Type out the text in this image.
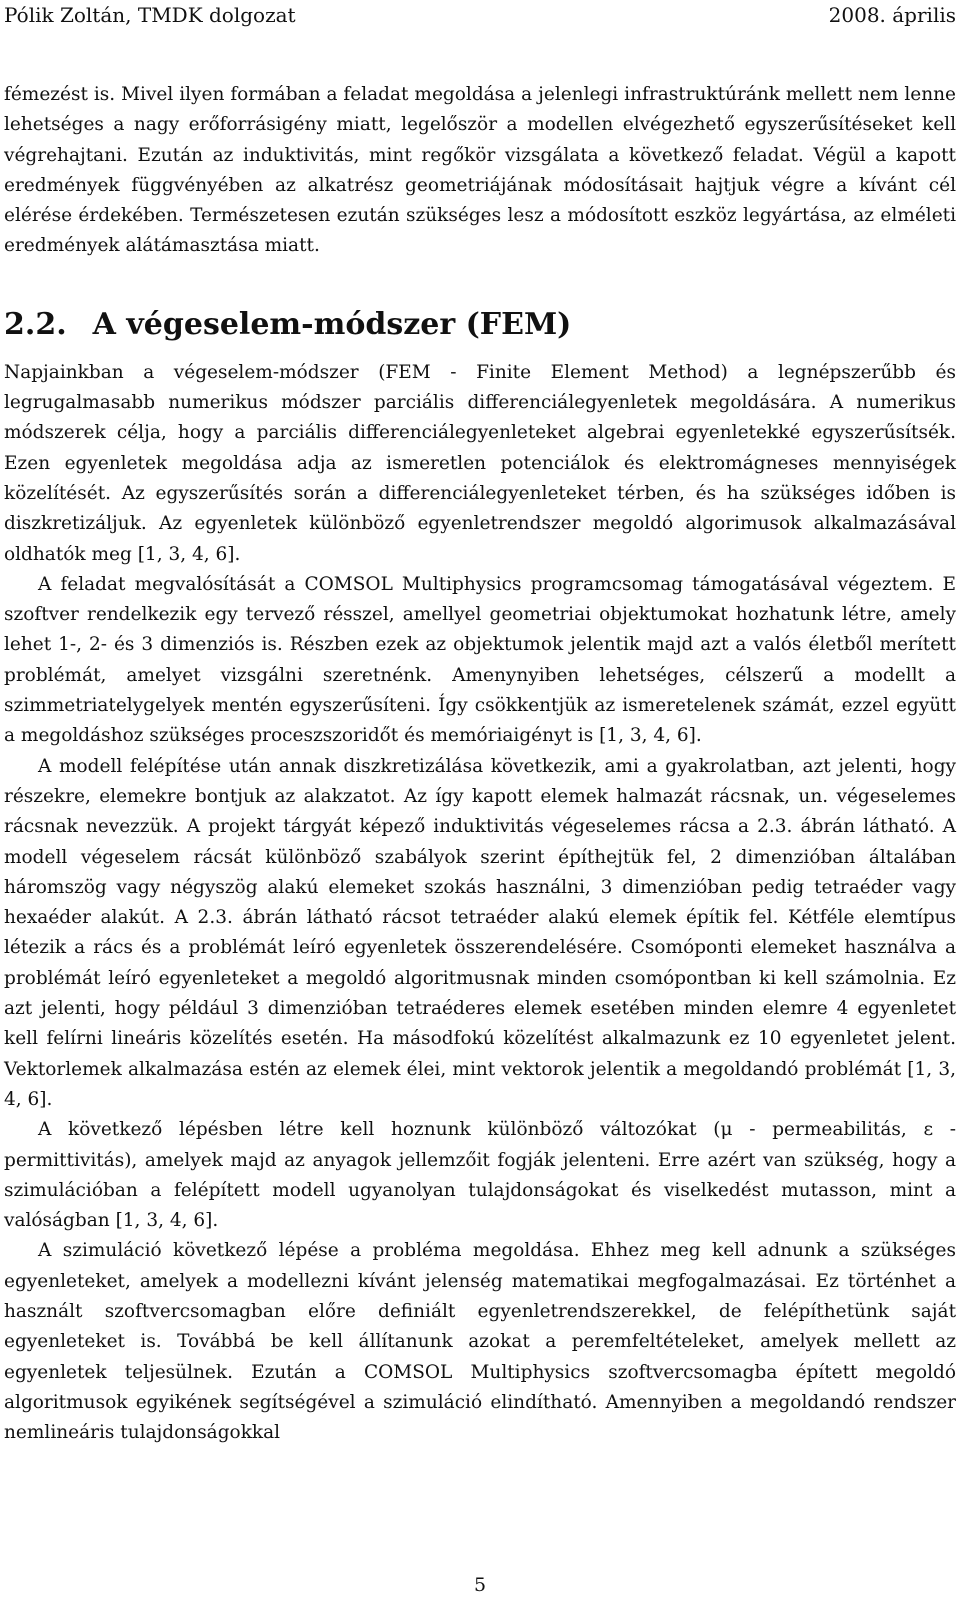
Pólik Zoltán, TMDK dolgozat	2008. április

fémezést is. Mivel ilyen formában a feladat megoldása a jelenlegi infrastruktúránk mellett nem lenne lehetséges a nagy erőforrásigény miatt, legelőször a modellen elvégezhető egyszerűsítéseket kell végrehajtani. Ezután az induktivitás, mint regőkör vizsgálata a következő feladat. Végül a kapott eredmények függvényében az alkatrész geometriájának módosításait hajtjuk végre a kívánt cél elérése érdekében. Természetesen ezután szükséges lesz a módosított eszköz legyártása, az elméleti eredmények alátámasztása miatt.

2.2. A végeselem-módszer (FEM)

Napjainkban a végeselem-módszer (FEM - Finite Element Method) a legnépszerűbb és legrugalmasabb numerikus módszer parciális differenciálegyenletek megoldására. A numerikus módszerek célja, hogy a parciális differenciálegyenleteket algebrai egyenletekké egyszerűsítsék. Ezen egyenletek megoldása adja az ismeretlen potenciálok és elektromágneses mennyiségek közelítését. Az egyszerűsítés során a differenciálegyenleteket térben, és ha szükséges időben is diszkretizáljuk. Az egyenletek különböző egyenletrendszer megoldó algorimusok alkalmazásával oldhatók meg [1, 3, 4, 6].

A feladat megvalósítását a COMSOL Multiphysics programcsomag támogatásával végeztem. E szoftver rendelkezik egy tervező résszel, amellyel geometriai objektumokat hozhatunk létre, amely lehet 1-, 2- és 3 dimenziós is. Részben ezek az objektumok jelentik majd azt a valós életből merített problémát, amelyet vizsgálni szeretnénk. Amenynyiben lehetséges, célszerű a modellt a szimmetriatelygelyek mentén egyszerűsíteni. Így csökkentjük az ismeretelenek számát, ezzel együtt a megoldáshoz szükséges proceszszoridőt és memóriaigényt is [1, 3, 4, 6].

A modell felépítése után annak diszkretizálása következik, ami a gyakrolatban, azt jelenti, hogy részekre, elemekre bontjuk az alakzatot. Az így kapott elemek halmazát rácsnak, un. végeselemes rácsnak nevezzük. A projekt tárgyát képező induktivitás végeselemes rácsa a 2.3. ábrán látható. A modell végeselem rácsát különböző szabályok szerint építhejtük fel, 2 dimenzióban általában háromszög vagy négyszög alakú elemeket szokás használni, 3 dimenzióban pedig tetraéder vagy hexaéder alakút. A 2.3. ábrán látható rácsot tetraéder alakú elemek építik fel. Kétféle elemtípus létezik a rács és a problémát leíró egyenletek összerendelésére. Csomóponti elemeket használva a problémát leíró egyenleteket a megoldó algoritmusnak minden csomópontban ki kell számolnia. Ez azt jelenti, hogy például 3 dimenzióban tetraéderes elemek esetében minden elemre 4 egyenletet kell felírni lineáris közelítés esetén. Ha másodfokú közelítést alkalmazunk ez 10 egyenletet jelent. Vektorlemek alkalmazása estén az elemek élei, mint vektorok jelentik a megoldandó problémát [1, 3, 4, 6].

A következő lépésben létre kell hoznunk különböző változókat (μ - permeabilitás, ε - permittivitás), amelyek majd az anyagok jellemzőit fogják jelenteni. Erre azért van szükség, hogy a szimulációban a felépített modell ugyanolyan tulajdonságokat és viselkedést mutasson, mint a valóságban [1, 3, 4, 6].

A szimuláció következő lépése a probléma megoldása. Ehhez meg kell adnunk a szükséges egyenleteket, amelyek a modellezni kívánt jelenség matematikai megfogalmazásai. Ez történhet a használt szoftvercsomagban előre definiált egyenletrendszerekkel, de felépíthetünk saját egyenleteket is. Továbbá be kell állítanunk azokat a peremfeltételeket, amelyek mellett az egyenletek teljesülnek. Ezután a COMSOL Multiphysics szoftvercsomagba épített megoldó algoritmusok egyikének segítségével a szimuláció elindítható. Amennyiben a megoldandó rendszer nemlineáris tulajdonságokkal

5
